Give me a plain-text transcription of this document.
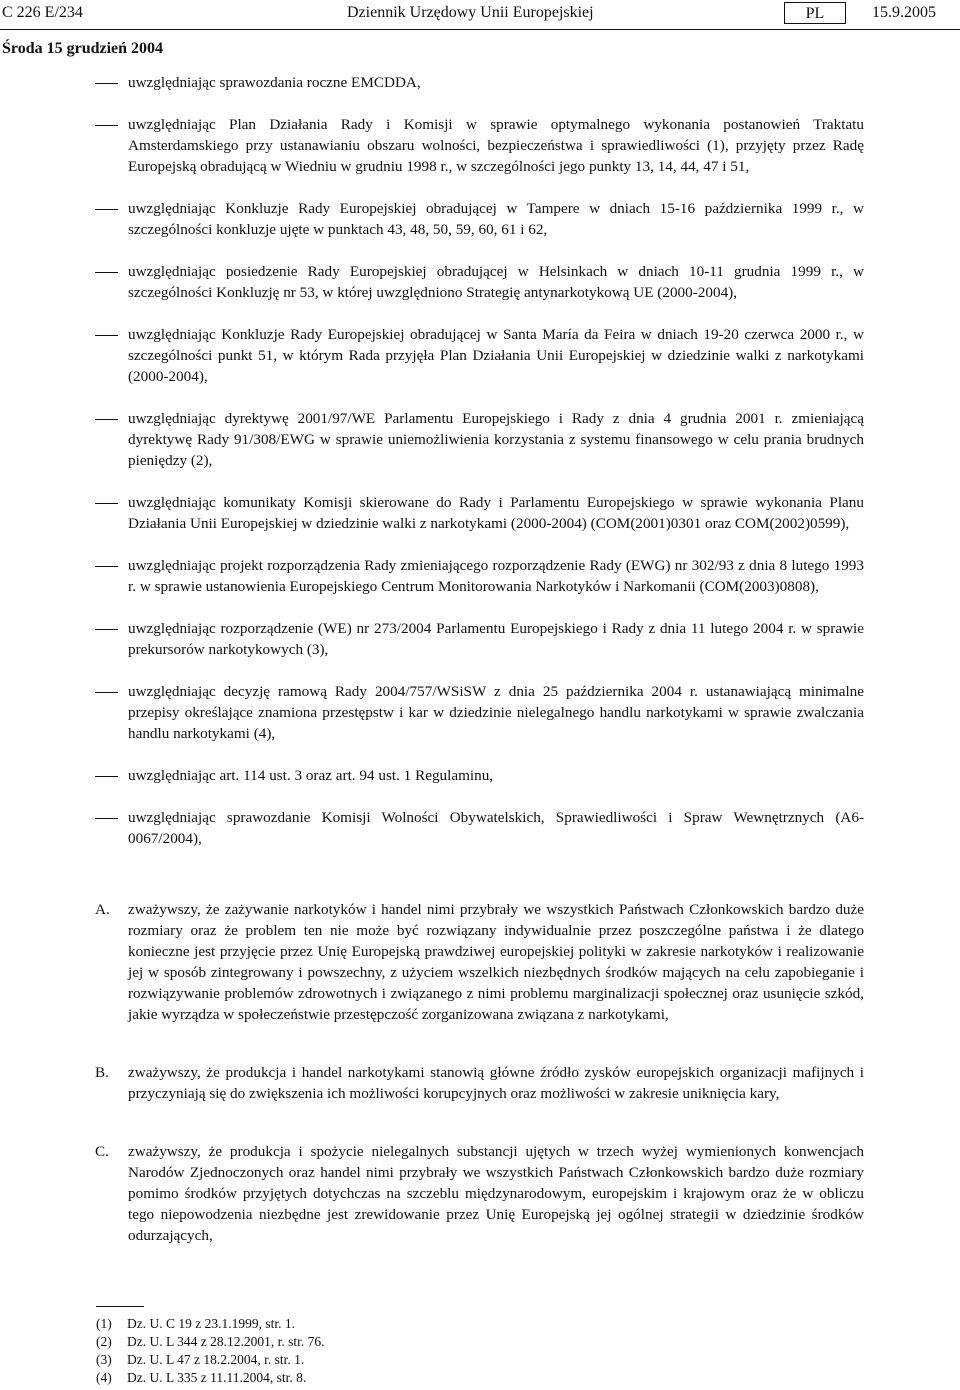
C 226 E/234	Dziennik Urzędowy Unii Europejskiej	PL	15.9.2005
Środa 15 grudzień 2004
uwzględniając sprawozdania roczne EMCDDA,
uwzględniając Plan Działania Rady i Komisji w sprawie optymalnego wykonania postanowień Traktatu Amsterdamskiego przy ustanawianiu obszaru wolności, bezpieczeństwa i sprawiedliwości (1), przyjęty przez Radę Europejską obradującą w Wiedniu w grudniu 1998 r., w szczególności jego punkty 13, 14, 44, 47 i 51,
uwzględniając Konkluzje Rady Europejskiej obradującej w Tampere w dniach 15-16 października 1999 r., w szczególności konkluzje ujęte w punktach 43, 48, 50, 59, 60, 61 i 62,
uwzględniając posiedzenie Rady Europejskiej obradującej w Helsinkach w dniach 10-11 grudnia 1999 r., w szczególności Konkluzję nr 53, w której uwzględniono Strategię antynarkotykową UE (2000-2004),
uwzględniając Konkluzje Rady Europejskiej obradującej w Santa María da Feira w dniach 19-20 czerwca 2000 r., w szczególności punkt 51, w którym Rada przyjęła Plan Działania Unii Europejskiej w dziedzinie walki z narkotykami (2000-2004),
uwzględniając dyrektywę 2001/97/WE Parlamentu Europejskiego i Rady z dnia 4 grudnia 2001 r. zmieniającą dyrektywę Rady 91/308/EWG w sprawie uniemożliwienia korzystania z systemu finansowego w celu prania brudnych pieniędzy (2),
uwzględniając komunikaty Komisji skierowane do Rady i Parlamentu Europejskiego w sprawie wykonania Planu Działania Unii Europejskiej w dziedzinie walki z narkotykami (2000-2004) (COM(2001)0301 oraz COM(2002)0599),
uwzględniając projekt rozporządzenia Rady zmieniającego rozporządzenie Rady (EWG) nr 302/93 z dnia 8 lutego 1993 r. w sprawie ustanowienia Europejskiego Centrum Monitorowania Narkotyków i Narkomanii (COM(2003)0808),
uwzględniając rozporządzenie (WE) nr 273/2004 Parlamentu Europejskiego i Rady z dnia 11 lutego 2004 r. w sprawie prekursorów narkotykowych (3),
uwzględniając decyzję ramową Rady 2004/757/WSiSW z dnia 25 października 2004 r. ustanawiającą minimalne przepisy określające znamiona przestępstw i kar w dziedzinie nielegalnego handlu narkotykami w sprawie zwalczania handlu narkotykami (4),
uwzględniając art. 114 ust. 3 oraz art. 94 ust. 1 Regulaminu,
uwzględniając sprawozdanie Komisji Wolności Obywatelskich, Sprawiedliwości i Spraw Wewnętrznych (A6-0067/2004),
A. zważywszy, że zażywanie narkotyków i handel nimi przybrały we wszystkich Państwach Członkowskich bardzo duże rozmiary oraz że problem ten nie może być rozwiązany indywidualnie przez poszczególne państwa i że dlatego konieczne jest przyjęcie przez Unię Europejską prawdziwej europejskiej polityki w zakresie narkotyków i realizowanie jej w sposób zintegrowany i powszechny, z użyciem wszelkich niezbędnych środków mających na celu zapobieganie i rozwiązywanie problemów zdrowotnych i związanego z nimi problemu marginalizacji społecznej oraz usunięcie szkód, jakie wyrządza w społeczeństwie przestępczość zorganizowana związana z narkotykami,
B. zważywszy, że produkcja i handel narkotykami stanowią główne źródło zysków europejskich organizacji mafijnych i przyczyniają się do zwiększenia ich możliwości korupcyjnych oraz możliwości w zakresie uniknięcia kary,
C. zważywszy, że produkcja i spożycie nielegalnych substancji ujętych w trzech wyżej wymienionych konwencjach Narodów Zjednoczonych oraz handel nimi przybrały we wszystkich Państwach Członkowskich bardzo duże rozmiary pomimo środków przyjętych dotychczas na szczeblu międzynarodowym, europejskim i krajowym oraz że w obliczu tego niepowodzenia niezbędne jest zrewidowanie przez Unię Europejską jej ogólnej strategii w dziedzinie środków odurzających,
(1) Dz. U. C 19 z 23.1.1999, str. 1.
(2) Dz. U. L 344 z 28.12.2001, r. str. 76.
(3) Dz. U. L 47 z 18.2.2004, r. str. 1.
(4) Dz. U. L 335 z 11.11.2004, str. 8.
